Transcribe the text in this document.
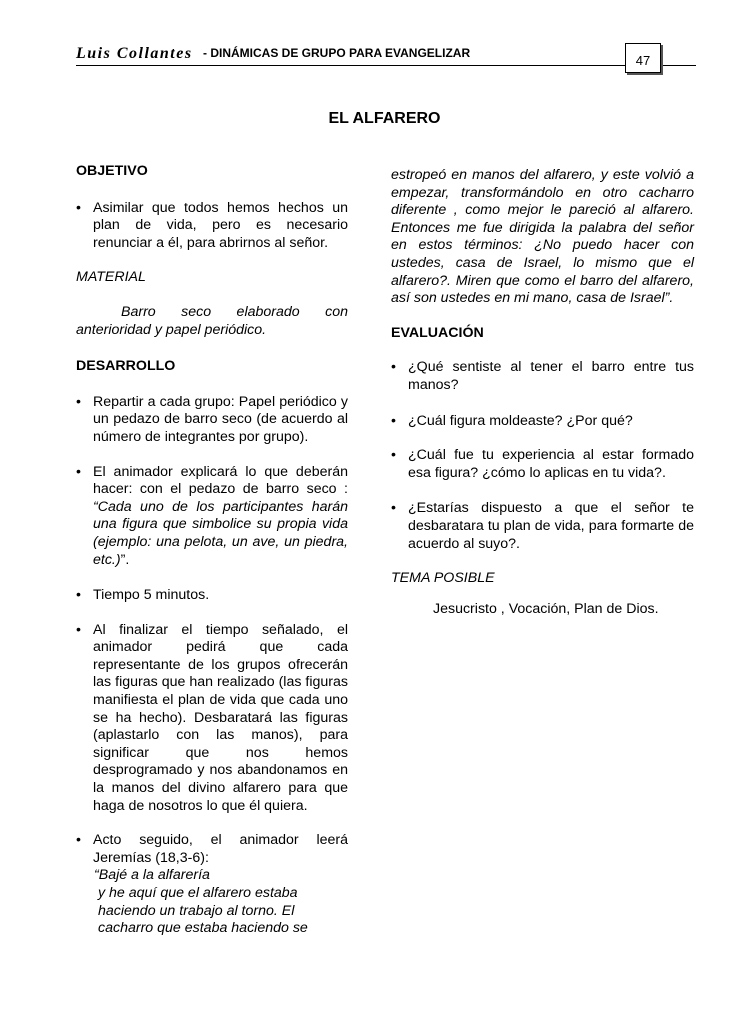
Luis Collantes - DINÁMICAS DE GRUPO PARA EVANGELIZAR	47
EL ALFARERO

OBJETIVO

• Asimilar que todos hemos hechos un plan de vida, pero es necesario renunciar a él, para abrirnos al señor.

MATERIAL

Barro seco elaborado con anterioridad y papel periódico.

DESARROLLO

• Repartir a cada grupo: Papel periódico y un pedazo de barro seco (de acuerdo al número de integrantes por grupo).

• El animador explicará lo que deberán hacer: con el pedazo de barro seco : “Cada uno de los participantes harán una figura que simbolice su propia vida (ejemplo: una pelota, un ave, un piedra, etc.)”.

• Tiempo 5 minutos.

• Al finalizar el tiempo señalado, el animador pedirá que cada representante de los grupos ofrecerán las figuras que han realizado (las figuras manifiesta el plan de vida que cada uno se ha hecho). Desbaratará las figuras (aplastarlo con las manos), para significar que nos hemos desprogramado y nos abandonamos en la manos del divino alfarero para que haga de nosotros lo que él quiera.

• Acto seguido, el animador leerá Jeremías (18,3-6):

“Bajé a la alfarería

y he aquí que el alfarero estaba

haciendo un trabajo al torno. El

cacharro que estaba haciendo se

estropeó en manos del alfarero, y este volvió a empezar, transformándolo en otro cacharro diferente , como mejor le pareció al alfarero. Entonces me fue dirigida la palabra del señor en estos términos: ¿No puedo hacer con ustedes, casa de Israel, lo mismo que el alfarero?. Miren que como el barro del alfarero, así son ustedes en mi mano, casa de Israel”.

EVALUACIÓN

• ¿Qué sentiste al tener el barro entre tus manos?

• ¿Cuál figura moldeaste? ¿Por qué?

• ¿Cuál fue tu experiencia al estar formado esa figura? ¿cómo lo aplicas en tu vida?.

• ¿Estarías dispuesto a que el señor te desbaratara tu plan de vida, para formarte de acuerdo al suyo?.

TEMA POSIBLE

Jesucristo , Vocación, Plan de Dios.
